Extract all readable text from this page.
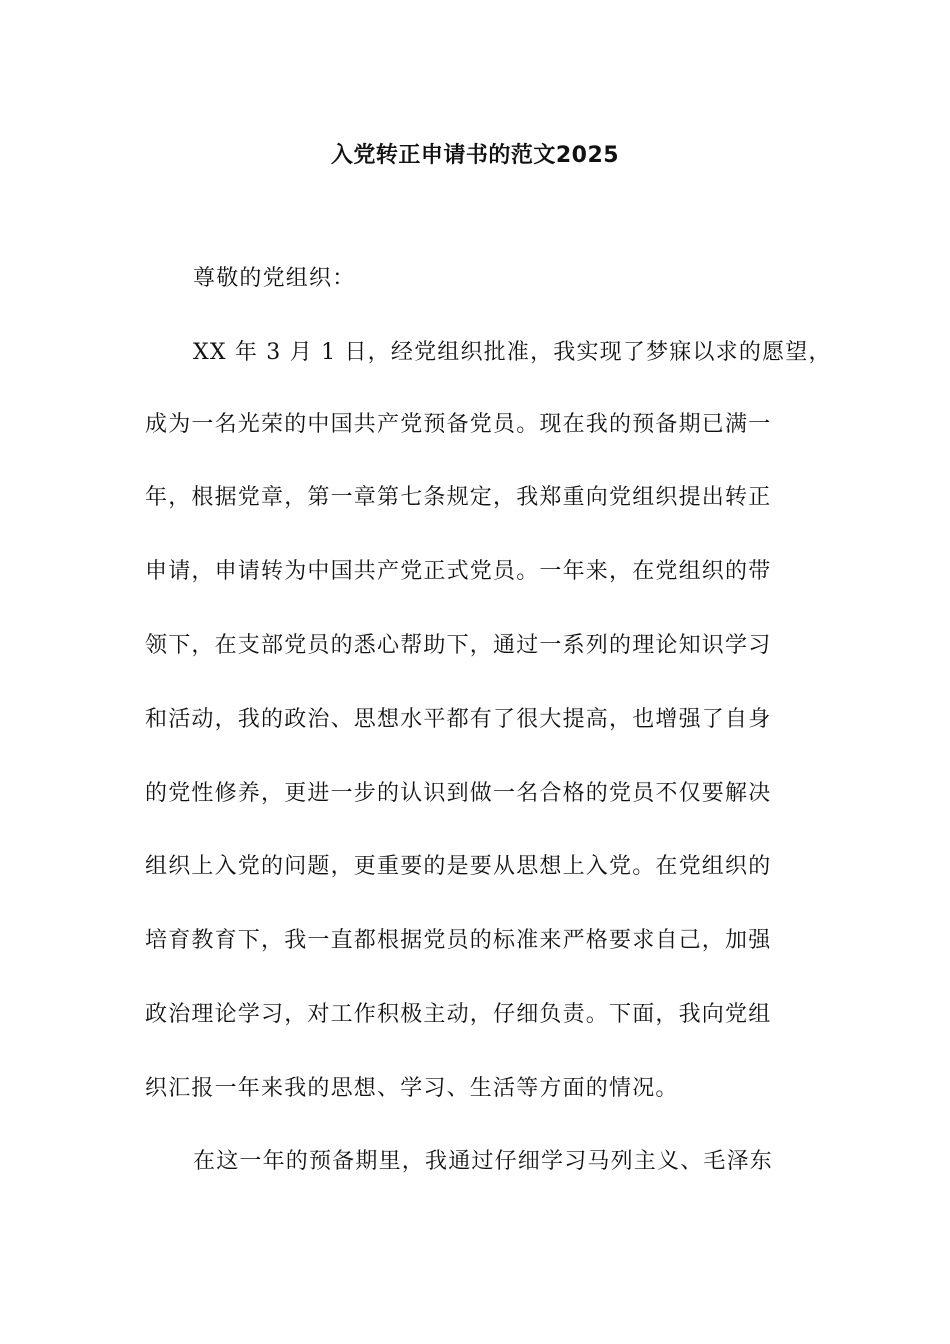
入党转正申请书的范文2025
尊敬的党组织：
XX 年 3 月 1 日，经党组织批准，我实现了梦寐以求的愿望，
成为一名光荣的中国共产党预备党员。现在我的预备期已满一
年，根据党章，第一章第七条规定，我郑重向党组织提出转正
申请，申请转为中国共产党正式党员。一年来，在党组织的带
领下，在支部党员的悉心帮助下，通过一系列的理论知识学习
和活动，我的政治、思想水平都有了很大提高，也增强了自身
的党性修养，更进一步的认识到做一名合格的党员不仅要解决
组织上入党的问题，更重要的是要从思想上入党。在党组织的
培育教育下，我一直都根据党员的标准来严格要求自己，加强
政治理论学习，对工作积极主动，仔细负责。下面，我向党组
织汇报一年来我的思想、学习、生活等方面的情况。
在这一年的预备期里，我通过仔细学习马列主义、毛泽东
